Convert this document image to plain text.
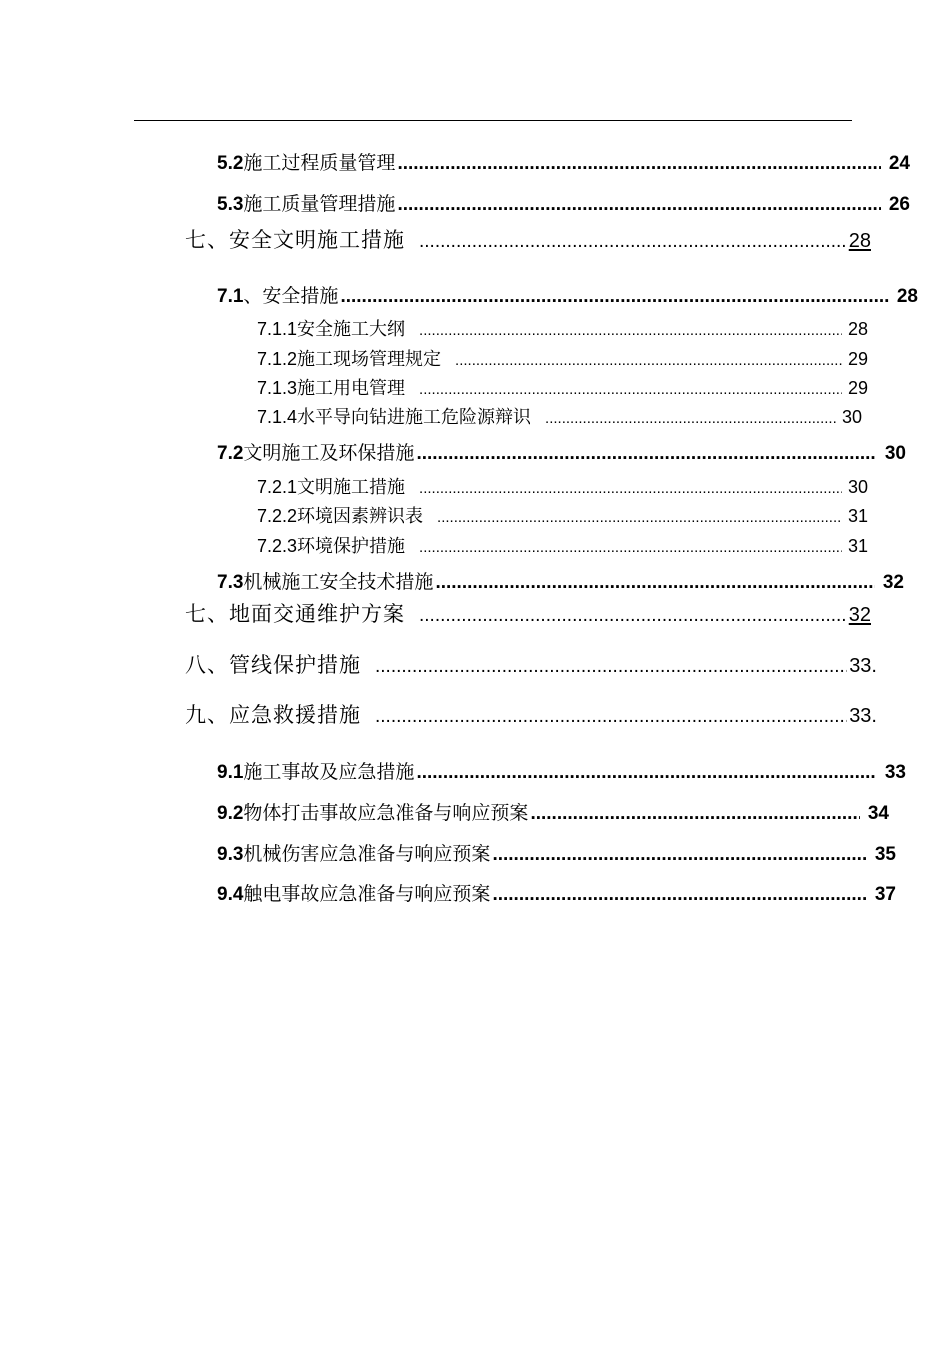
5.2 施工过程质量管理 .....	24
5.3 施工质量管理措施 .....	26
七、安全文明施工措施 .....	28
7.1 、安全措施 .....	28
7.1.1 安全施工大纲 .....	28
7.1.2 施工现场管理规定 .....	29
7.1.3 施工用电管理 .....	29
7.1.4 水平导向钻进施工危险源辩识 .....	30
7.2 文明施工及环保措施 .....	30
7.2.1 文明施工措施 .....	30
7.2.2 环境因素辨识表 .....	31
7.2.3 环境保护措施 .....	31
7.3 机械施工安全技术措施 .....	32
七、地面交通维护方案 .....	32
八、管线保护措施 .....	33.
九、应急救援措施 .....	33.
9.1 施工事故及应急措施 .....	33
9.2 物体打击事故应急准备与响应预案 .....	34
9.3 机械伤害应急准备与响应预案 .....	35
9.4 触电事故应急准备与响应预案 .....	37
